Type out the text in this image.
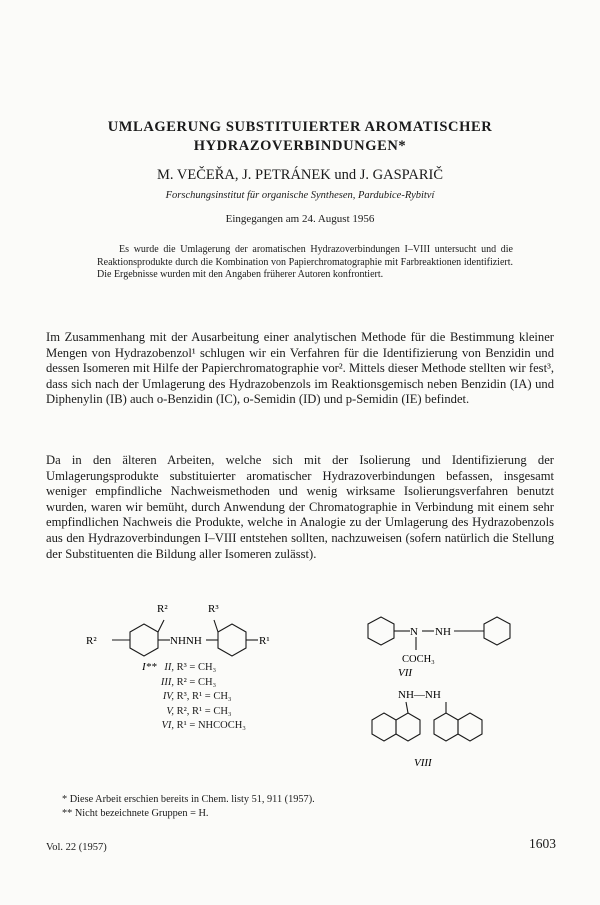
UMLAGERUNG SUBSTITUIERTER AROMATISCHER
HYDRAZOVERBINDUNGEN*
M. VEČEŘA, J. PETRÁNEK und J. GASPARIČ
Forschungsinstitut für organische Synthesen, Pardubice-Rybitví
Eingegangen am 24. August 1956

Es wurde die Umlagerung der aromatischen Hydrazoverbindungen I–VIII untersucht und die Reaktionsprodukte durch die Kombination von Papierchromatographie mit Farbreaktionen identifiziert. Die Ergebnisse wurden mit den Angaben früherer Autoren konfrontiert.

Im Zusammenhang mit der Ausarbeitung einer analytischen Methode für die Bestimmung kleiner Mengen von Hydrazobenzol¹ schlugen wir ein Verfahren für die Identifizierung von Benzidin und dessen Isomeren mit Hilfe der Papierchromatographie vor². Mittels dieser Methode stellten wir fest³, dass sich nach der Umlagerung des Hydrazobenzols im Reaktionsgemisch neben Benzidin (IA) und Diphenylin (IB) auch o-Benzidin (IC), o-Semidin (ID) und p-Semidin (IE) befindet.

Da in den älteren Arbeiten, welche sich mit der Isolierung und Identifizierung der Umlagerungsprodukte substituierter aromatischer Hydrazoverbindungen befassen, insgesamt weniger empfindliche Nachweismethoden und wenig wirksame Isolierungsverfahren benutzt wurden, waren wir bemüht, durch Anwendung der Chromatographie in Verbindung mit einem sehr empfindlichen Nachweis die Produkte, welche in Analogie zu der Umlagerung des Hydrazobenzols aus den Hydrazoverbindungen I–VIII entstehen sollten, nachzuweisen (sofern natürlich die Stellung der Substituenten die Bildung aller Isomeren zulässt).

R²
R²
NHNH
R³
R¹
I**
N NH
COCH₃
VII
NH—NH
VIII
II, R³ = CH₃
III, R² = CH₃
IV, R³, R¹ = CH₃
V, R², R¹ = CH₃
VI, R¹ = NHCOCH₃
* Diese Arbeit erschien bereits in Chem. listy 51, 911 (1957).
** Nicht bezeichnete Gruppen = H.
Vol. 22 (1957)	1603
